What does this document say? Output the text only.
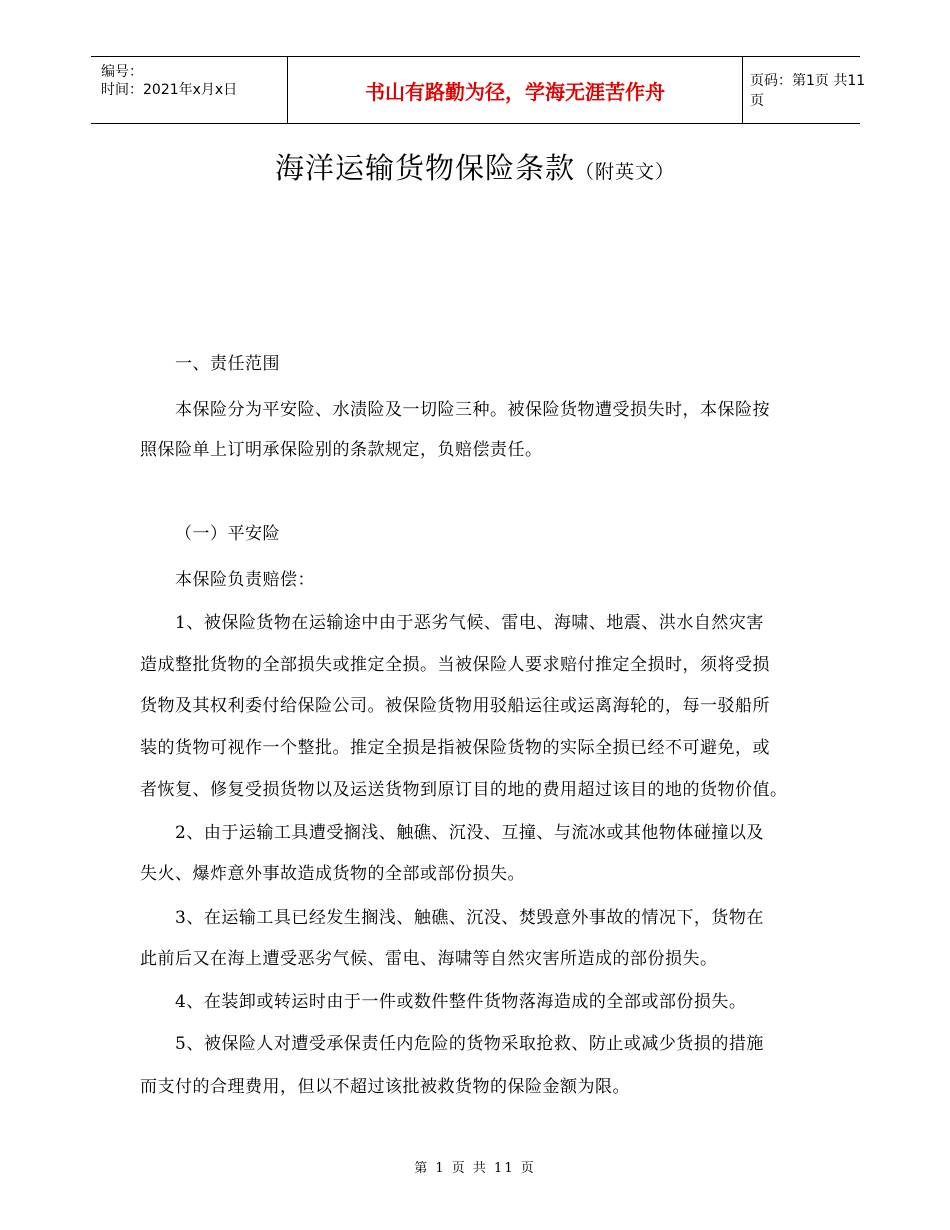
编号：
时间：2021年x月x日	书山有路勤为径，学海无涯苦作舟	页码：第1页 共11页
海洋运输货物保险条款（附英文）
一、责任范围
本保险分为平安险、水渍险及一切险三种。被保险货物遭受损失时，本保险按
照保险单上订明承保险别的条款规定，负赔偿责任。
（一）平安险
本保险负责赔偿：
1、被保险货物在运输途中由于恶劣气候、雷电、海啸、地震、洪水自然灾害
造成整批货物的全部损失或推定全损。当被保险人要求赔付推定全损时，须将受损
货物及其权利委付给保险公司。被保险货物用驳船运往或运离海轮的，每一驳船所
装的货物可视作一个整批。推定全损是指被保险货物的实际全损已经不可避免，或
者恢复、修复受损货物以及运送货物到原订目的地的费用超过该目的地的货物价值。
2、由于运输工具遭受搁浅、触礁、沉没、互撞、与流冰或其他物体碰撞以及
失火、爆炸意外事故造成货物的全部或部份损失。
3、在运输工具已经发生搁浅、触礁、沉没、焚毁意外事故的情况下，货物在
此前后又在海上遭受恶劣气候、雷电、海啸等自然灾害所造成的部份损失。
4、在装卸或转运时由于一件或数件整件货物落海造成的全部或部份损失。
5、被保险人对遭受承保责任内危险的货物采取抢救、防止或减少货损的措施
而支付的合理费用，但以不超过该批被救货物的保险金额为限。
第 1 页 共 11 页
